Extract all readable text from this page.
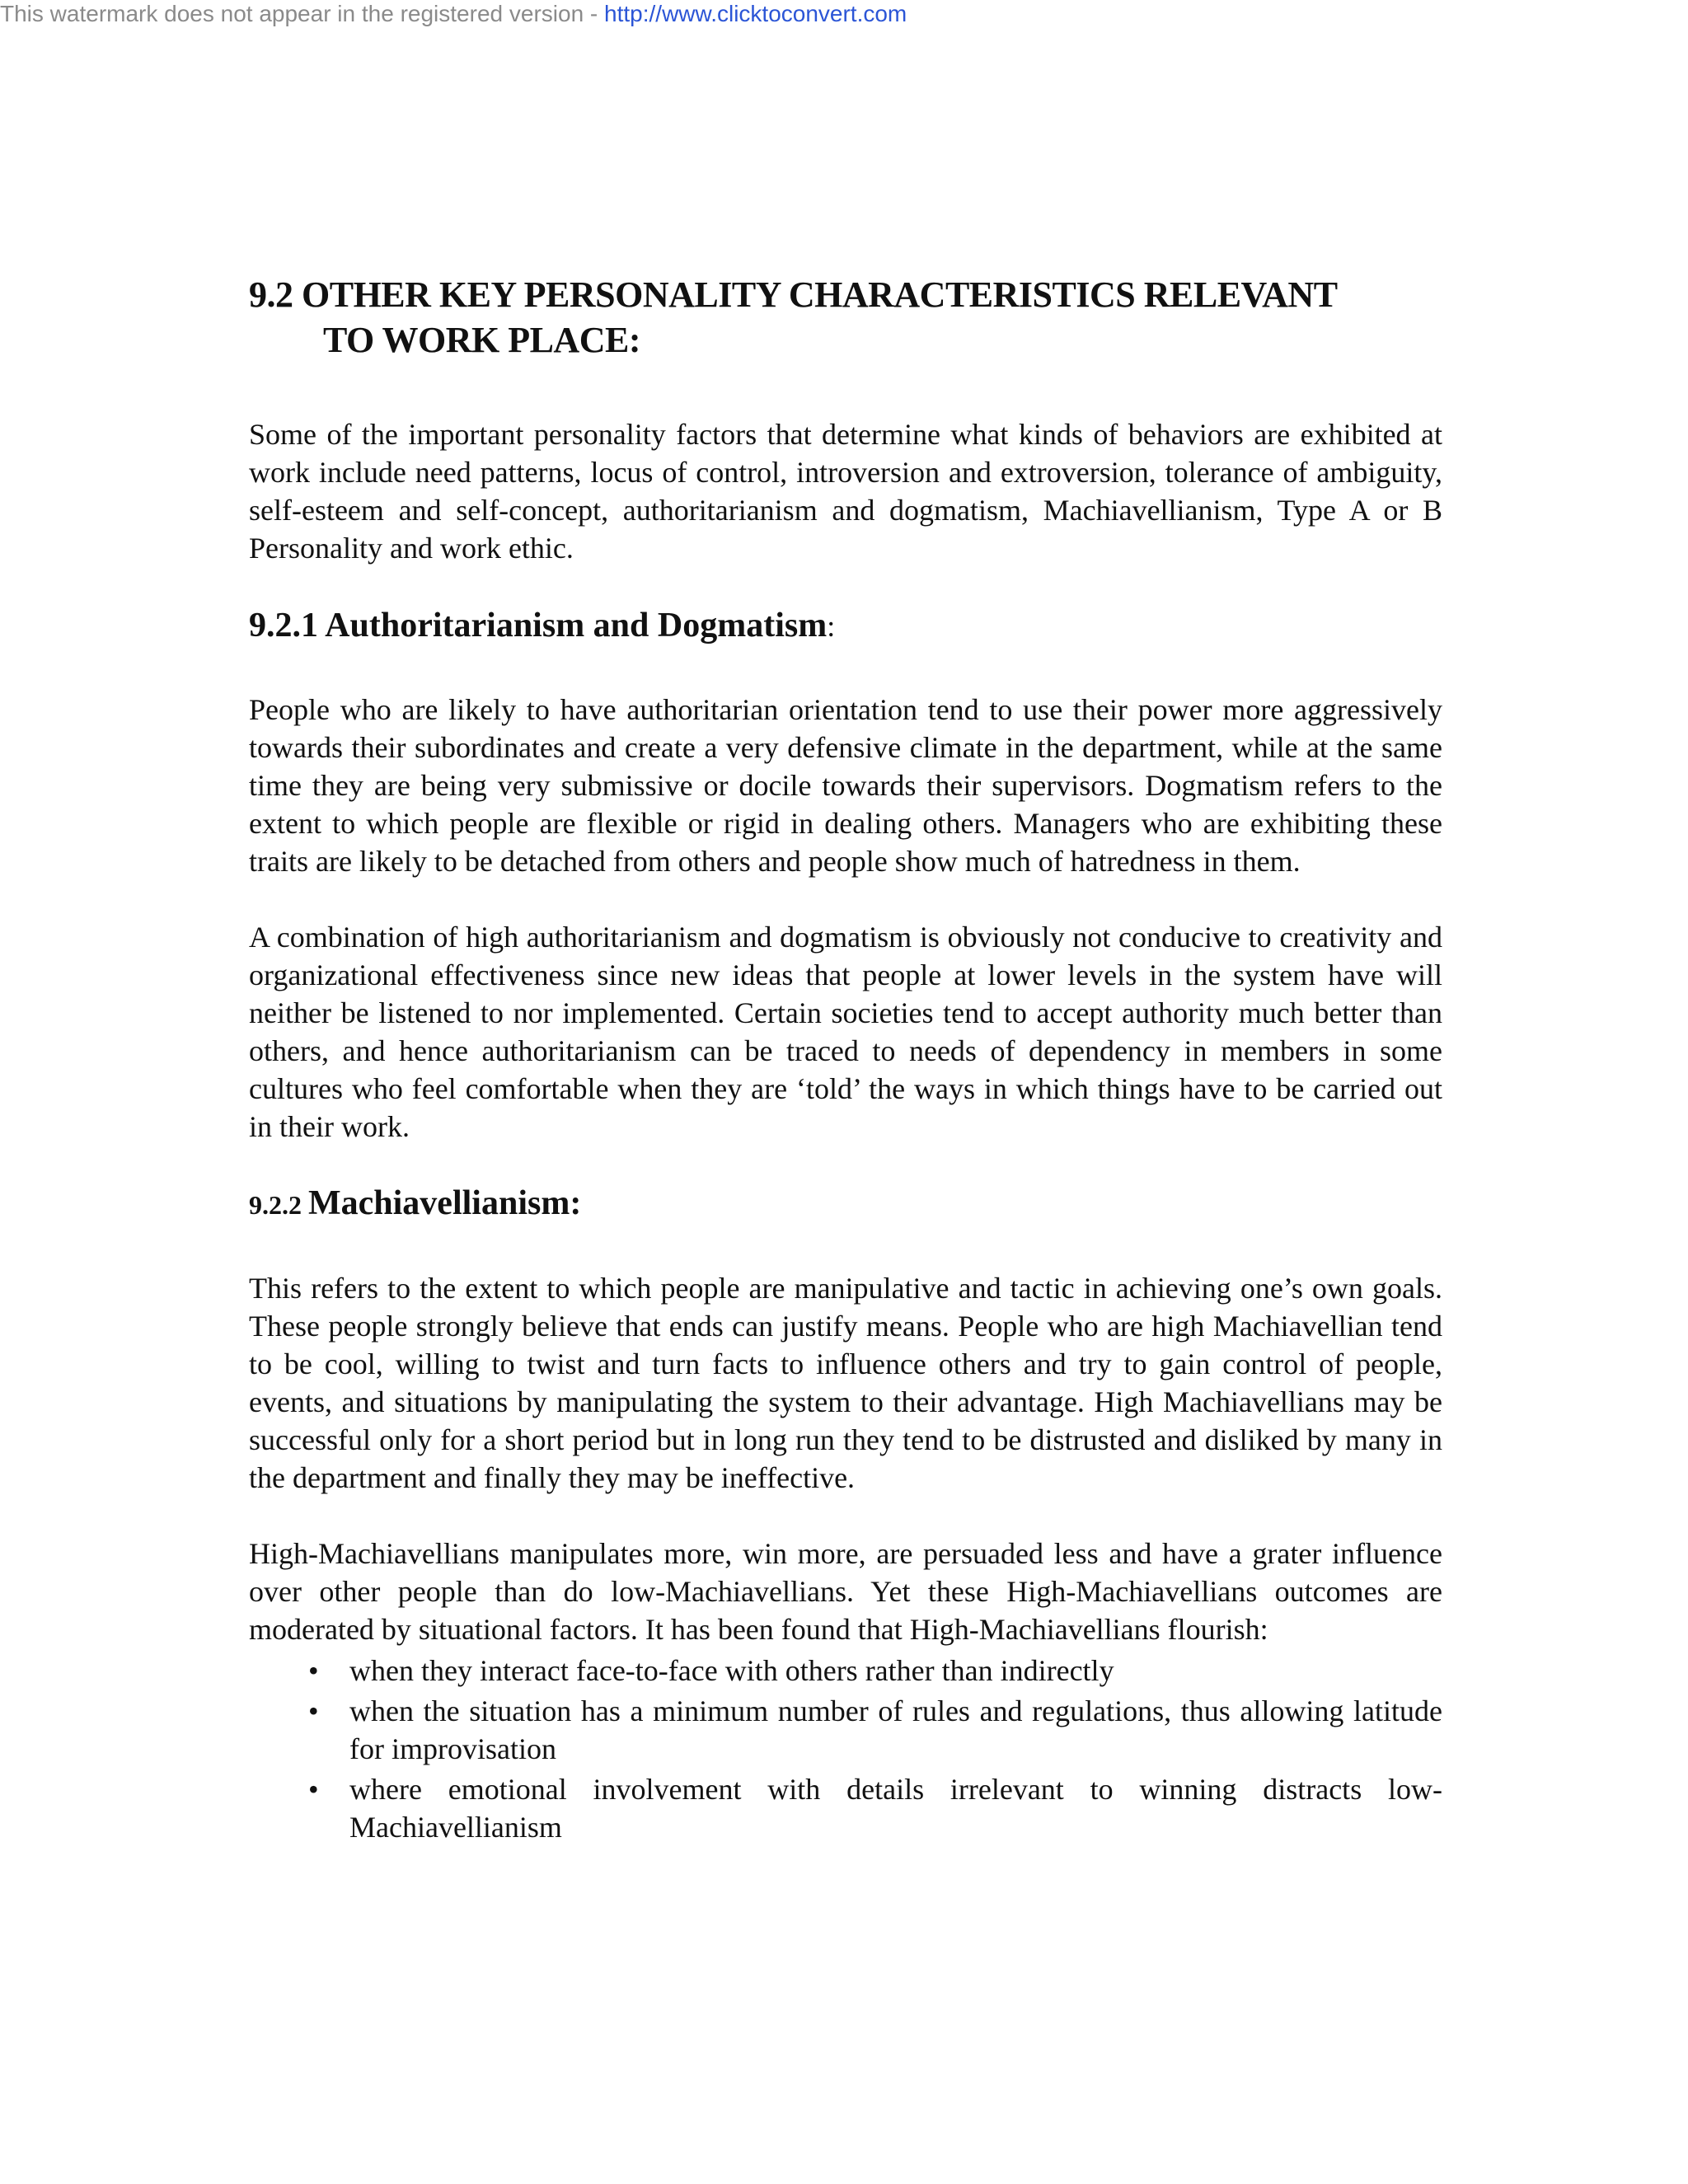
This watermark does not appear in the registered version - http://www.clicktoconvert.com
9.2 OTHER KEY PERSONALITY CHARACTERISTICS RELEVANT
TO WORK PLACE:

Some of the important personality factors that determine what kinds of behaviors are exhibited at work include need patterns, locus of control, introversion and extroversion, tolerance of ambiguity, self-esteem and self-concept, authoritarianism and dogmatism, Machiavellianism, Type A or B Personality and work ethic.

9.2.1 Authoritarianism and Dogmatism:

People who are likely to have authoritarian orientation tend to use their power more aggressively towards their subordinates and create a very defensive climate in the department, while at the same time they are being very submissive or docile towards their supervisors. Dogmatism refers to the extent to which people are flexible or rigid in dealing others. Managers who are exhibiting these traits are likely to be detached from others and people show much of hatredness in them.

A combination of high authoritarianism and dogmatism is obviously not conducive to creativity and organizational effectiveness since new ideas that people at lower levels in the system have will neither be listened to nor implemented. Certain societies tend to accept authority much better than others, and hence authoritarianism can be traced to needs of dependency in members in some cultures who feel comfortable when they are ‘told’ the ways in which things have to be carried out in their work.

9.2.2 Machiavellianism:

This refers to the extent to which people are manipulative and tactic in achieving one’s own goals. These people strongly believe that ends can justify means. People who are high Machiavellian tend to be cool, willing to twist and turn facts to influence others and try to gain control of people, events, and situations by manipulating the system to their advantage. High Machiavellians may be successful only for a short period but in long run they tend to be distrusted and disliked by many in the department and finally they may be ineffective.

High-Machiavellians manipulates more, win more, are persuaded less and have a grater influence over other people than do low-Machiavellians. Yet these High-Machiavellians outcomes are moderated by situational factors. It has been found that High-Machiavellians flourish:

• when they interact face-to-face with others rather than indirectly
• when the situation has a minimum number of rules and regulations, thus allowing latitude for improvisation
• where emotional involvement with details irrelevant to winning distracts low-Machiavellianism
